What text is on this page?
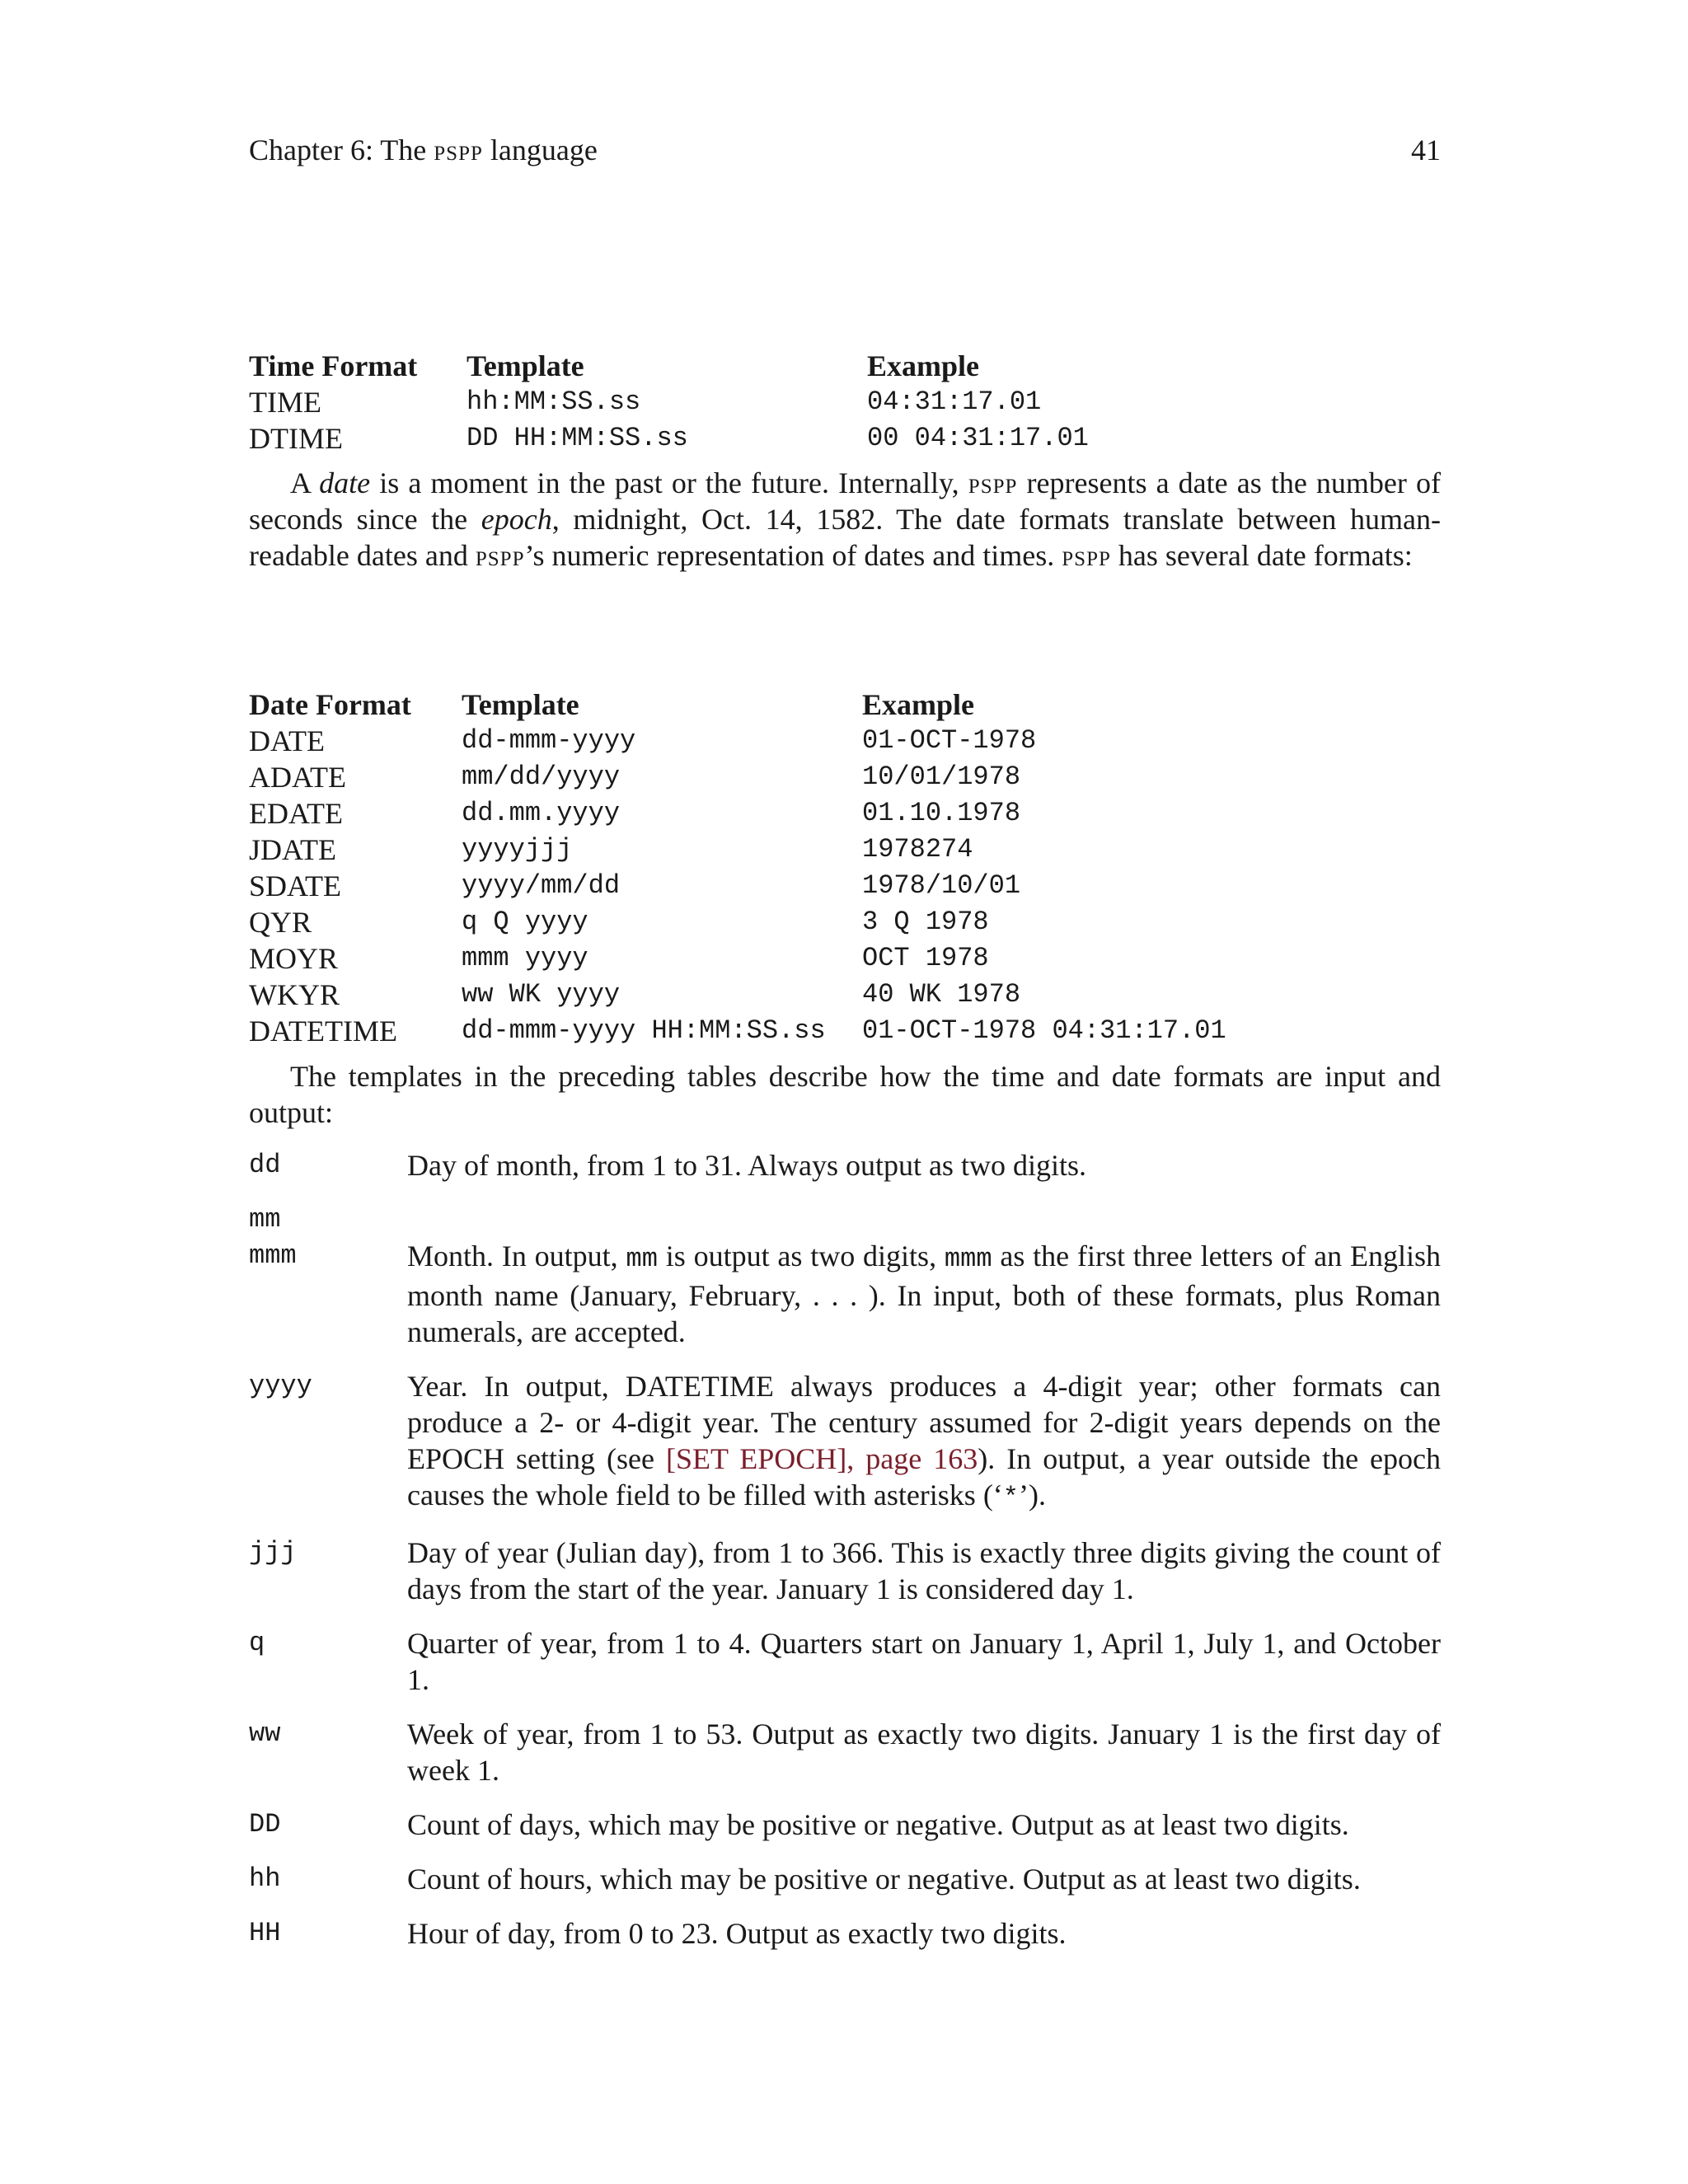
Chapter 6: The pspp language	41
Time Format	Template	Example
TIME	hh:MM:SS.ss	04:31:17.01
DTIME	DD HH:MM:SS.ss	00 04:31:17.01
A date is a moment in the past or the future. Internally, pspp represents a date as the number of seconds since the epoch, midnight, Oct. 14, 1582. The date formats translate between human-readable dates and pspp’s numeric representation of dates and times. pspp has several date formats:
Date Format	Template	Example
DATE	dd-mmm-yyyy	01-OCT-1978
ADATE	mm/dd/yyyy	10/01/1978
EDATE	dd.mm.yyyy	01.10.1978
JDATE	yyyyjjj	1978274
SDATE	yyyy/mm/dd	1978/10/01
QYR	q Q yyyy	3 Q 1978
MOYR	mmm yyyy	OCT 1978
WKYR	ww WK yyyy	40 WK 1978
DATETIME	dd-mmm-yyyy HH:MM:SS.ss	01-OCT-1978 04:31:17.01
The templates in the preceding tables describe how the time and date formats are input and output:
dd	Day of month, from 1 to 31. Always output as two digits.
mm
mmm	Month. In output, mm is output as two digits, mmm as the first three letters of an English month name (January, February, . . . ). In input, both of these formats, plus Roman numerals, are accepted.
yyyy	Year. In output, DATETIME always produces a 4-digit year; other formats can produce a 2- or 4-digit year. The century assumed for 2-digit years depends on the EPOCH setting (see [SET EPOCH], page 163). In output, a year outside the epoch causes the whole field to be filled with asterisks (‘*’).
jjj	Day of year (Julian day), from 1 to 366. This is exactly three digits giving the count of days from the start of the year. January 1 is considered day 1.
q	Quarter of year, from 1 to 4. Quarters start on January 1, April 1, July 1, and October 1.
ww	Week of year, from 1 to 53. Output as exactly two digits. January 1 is the first day of week 1.
DD	Count of days, which may be positive or negative. Output as at least two digits.
hh	Count of hours, which may be positive or negative. Output as at least two digits.
HH	Hour of day, from 0 to 23. Output as exactly two digits.
